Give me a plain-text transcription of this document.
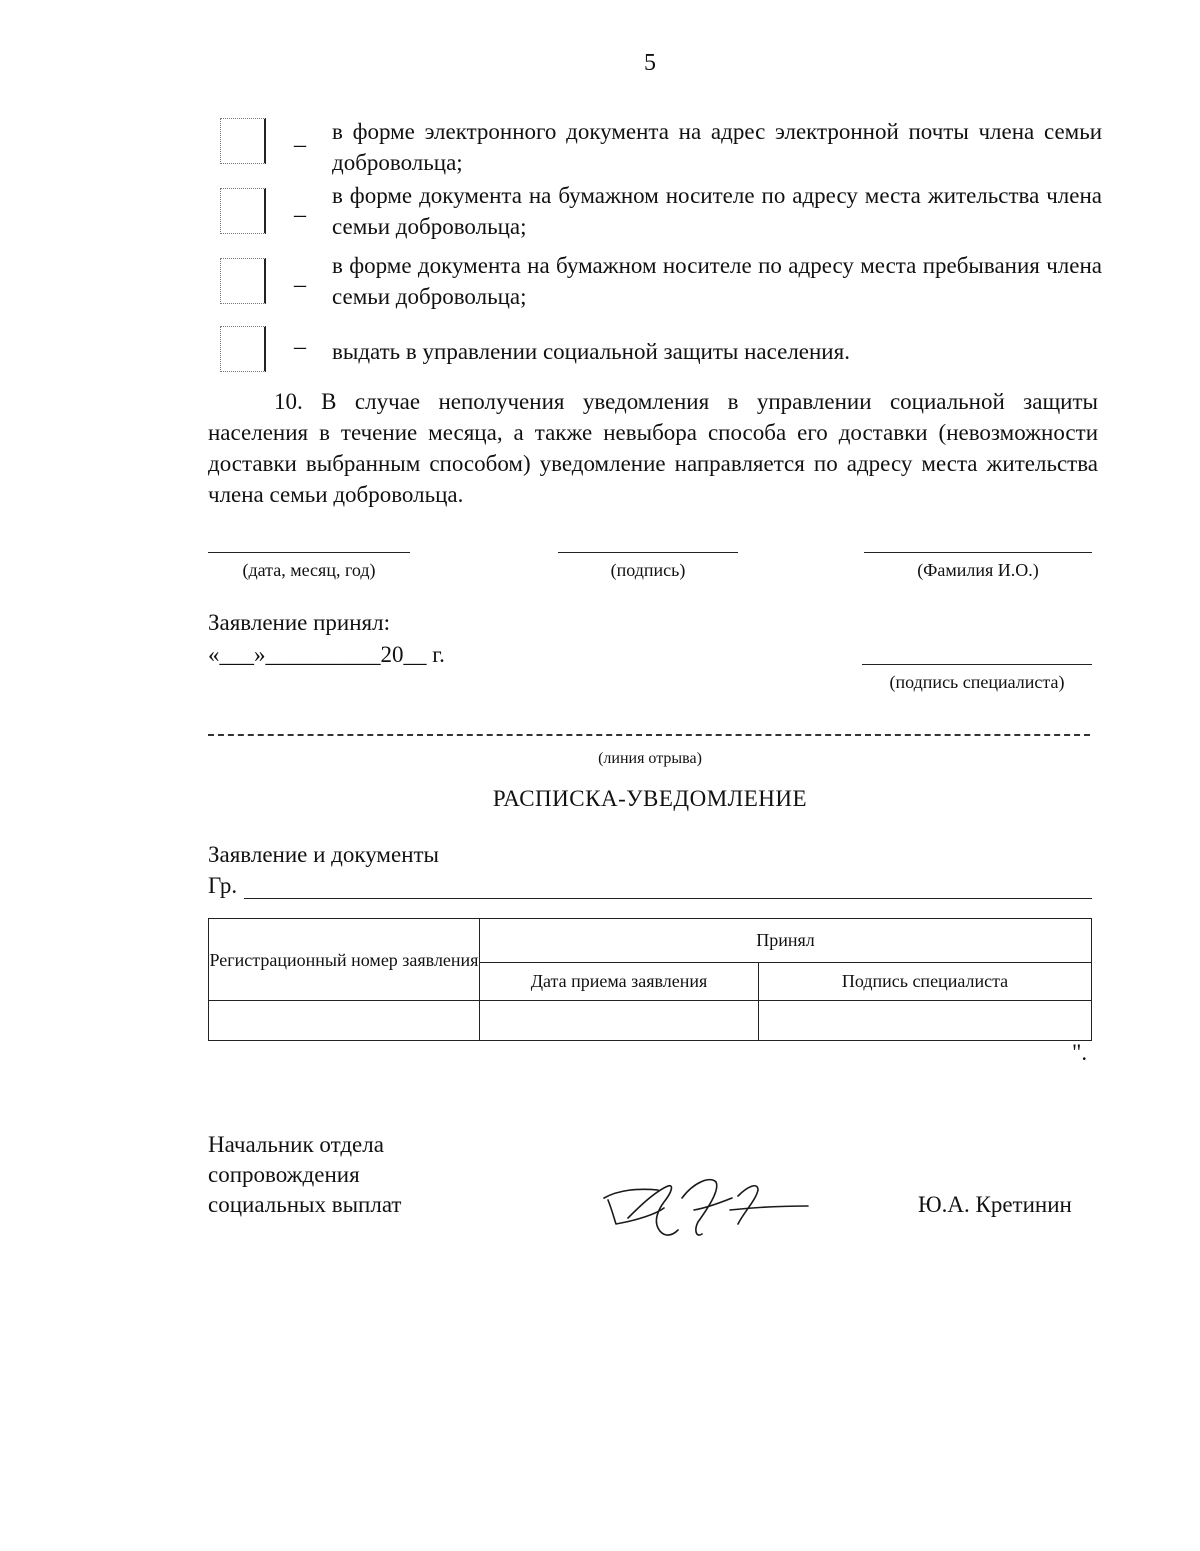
5
_ в форме электронного документа на адрес электронной почты члена семьи добровольца;
_ в форме документа на бумажном носителе по адресу места жительства члена семьи добровольца;
_ в форме документа на бумажном носителе по адресу места пребывания члена семьи добровольца;
– выдать в управлении социальной защиты населения.
10. В случае неполучения уведомления в управлении социальной защиты населения в течение месяца, а также невыбора способа его доставки (невозможности доставки выбранным способом) уведомление направляется по адресу места жительства члена семьи добровольца.
(дата, месяц, год)	(подпись)	(Фамилия И.О.)
Заявление принял:
«___»__________20__ г.
(подпись специалиста)
(линия отрыва)
РАСПИСКА-УВЕДОМЛЕНИЕ
Заявление и документы
Гр.
Регистрационный номер заявления	Принял	
	Дата приема заявления	Подпись специалиста

".
Начальник отдела
сопровождения
социальных выплат	Ю.А. Кретинин
